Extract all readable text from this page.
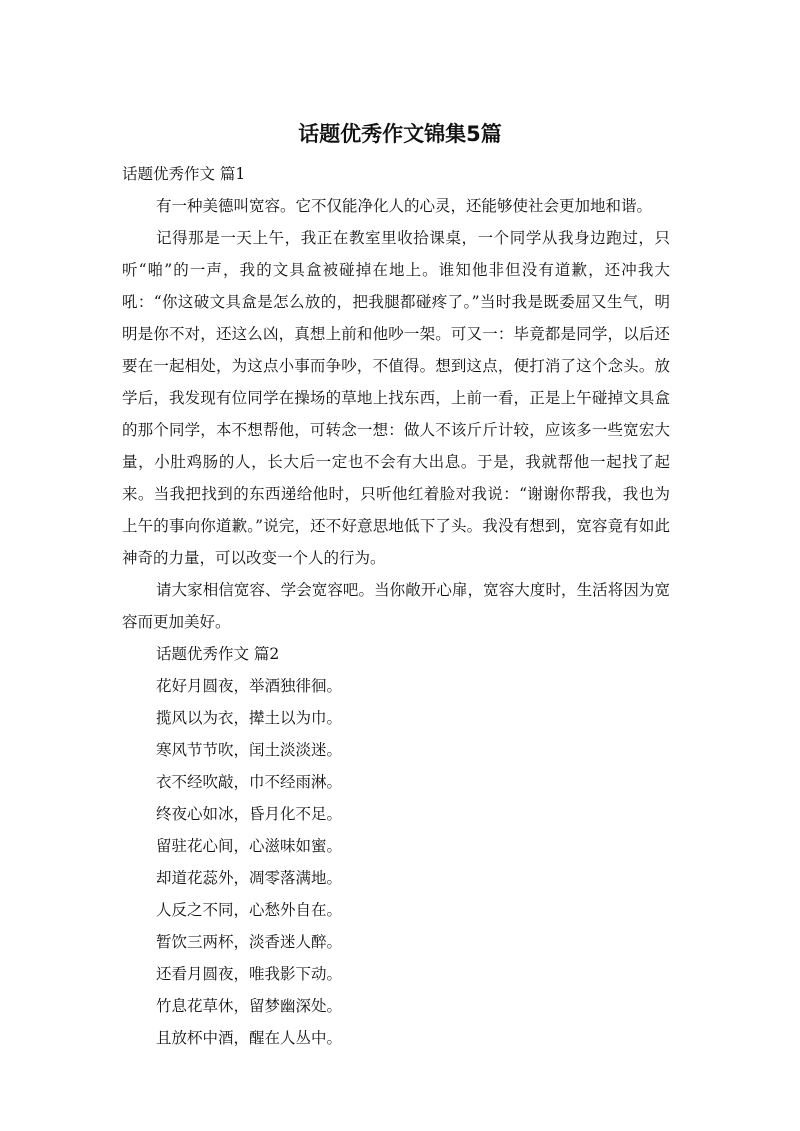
话题优秀作文锦集5篇
话题优秀作文 篇1

有一种美德叫宽容。它不仅能净化人的心灵，还能够使社会更加地和谐。

记得那是一天上午，我正在教室里收拾课桌，一个同学从我身边跑过，只听“啪”的一声，我的文具盒被碰掉在地上。谁知他非但没有道歉，还冲我大吼：“你这破文具盒是怎么放的，把我腿都碰疼了。”当时我是既委屈又生气，明明是你不对，还这么凶，真想上前和他吵一架。可又一：毕竟都是同学，以后还要在一起相处，为这点小事而争吵，不值得。想到这点，便打消了这个念头。放学后，我发现有位同学在操场的草地上找东西，上前一看，正是上午碰掉文具盒的那个同学，本不想帮他，可转念一想：做人不该斤斤计较，应该多一些宽宏大量，小肚鸡肠的人，长大后一定也不会有大出息。于是，我就帮他一起找了起来。当我把找到的东西递给他时，只听他红着脸对我说：“谢谢你帮我，我也为上午的事向你道歉。”说完，还不好意思地低下了头。我没有想到，宽容竟有如此神奇的力量，可以改变一个人的行为。

请大家相信宽容、学会宽容吧。当你敞开心扉，宽容大度时，生活将因为宽容而更加美好。

话题优秀作文 篇2

花好月圆夜，举酒独徘徊。

揽风以为衣，撵土以为巾。

寒风节节吹，闰土淡淡迷。

衣不经吹敲，巾不经雨淋。

终夜心如冰，昏月化不足。

留驻花心间，心滋味如蜜。

却道花蕊外，凋零落满地。

人反之不同，心愁外自在。

暂饮三两杯，淡香迷人醉。

还看月圆夜，唯我影下动。

竹息花草休，留梦幽深处。

且放杯中酒，醒在人丛中。
